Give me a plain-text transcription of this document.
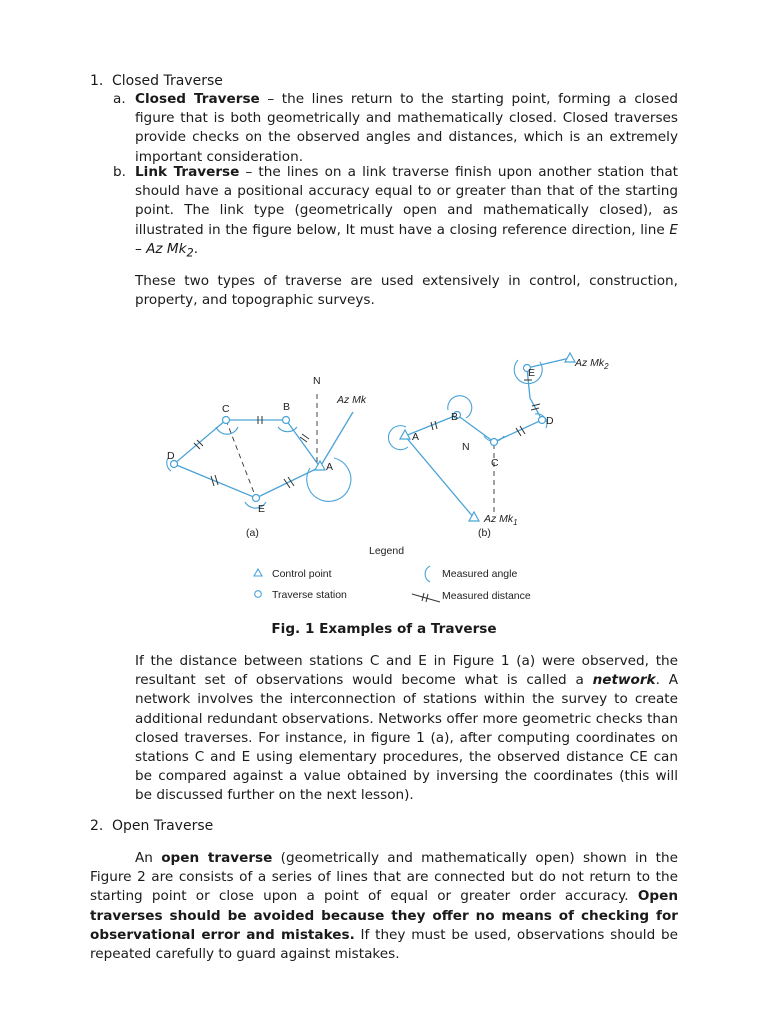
1. Closed Traverse
a. Closed Traverse – the lines return to the starting point, forming a closed figure that is both geometrically and mathematically closed. Closed traverses provide checks on the observed angles and distances, which is an extremely important consideration.
b. Link Traverse – the lines on a link traverse finish upon another station that should have a positional accuracy equal to or greater than that of the starting point. The link type (geometrically open and mathematically closed), as illustrated in the figure below, It must have a closing reference direction, line E – Az $Mk_2$.

These two types of traverse are used extensively in control, construction, property, and topographic surveys.

N
Az Mk
A
B
C
D
E
(a)
A
B
C
D
E
N
Az $Mk_1$
Az $Mk_2$
(b)
Legend
Control point
Traverse station
Measured angle
Measured distance
Fig. 1 Examples of a Traverse

If the distance between stations C and E in Figure 1 (a) were observed, the resultant set of observations would become what is called a network. A network involves the interconnection of stations within the survey to create additional redundant observations. Networks offer more geometric checks than closed traverses. For instance, in figure 1 (a), after computing coordinates on stations C and E using elementary procedures, the observed distance CE can be compared against a value obtained by inversing the coordinates (this will be discussed further on the next lesson).

2. Open Traverse

An open traverse (geometrically and mathematically open) shown in the Figure 2 are consists of a series of lines that are connected but do not return to the starting point or close upon a point of equal or greater order accuracy. Open traverses should be avoided because they offer no means of checking for observational error and mistakes. If they must be used, observations should be repeated carefully to guard against mistakes.
